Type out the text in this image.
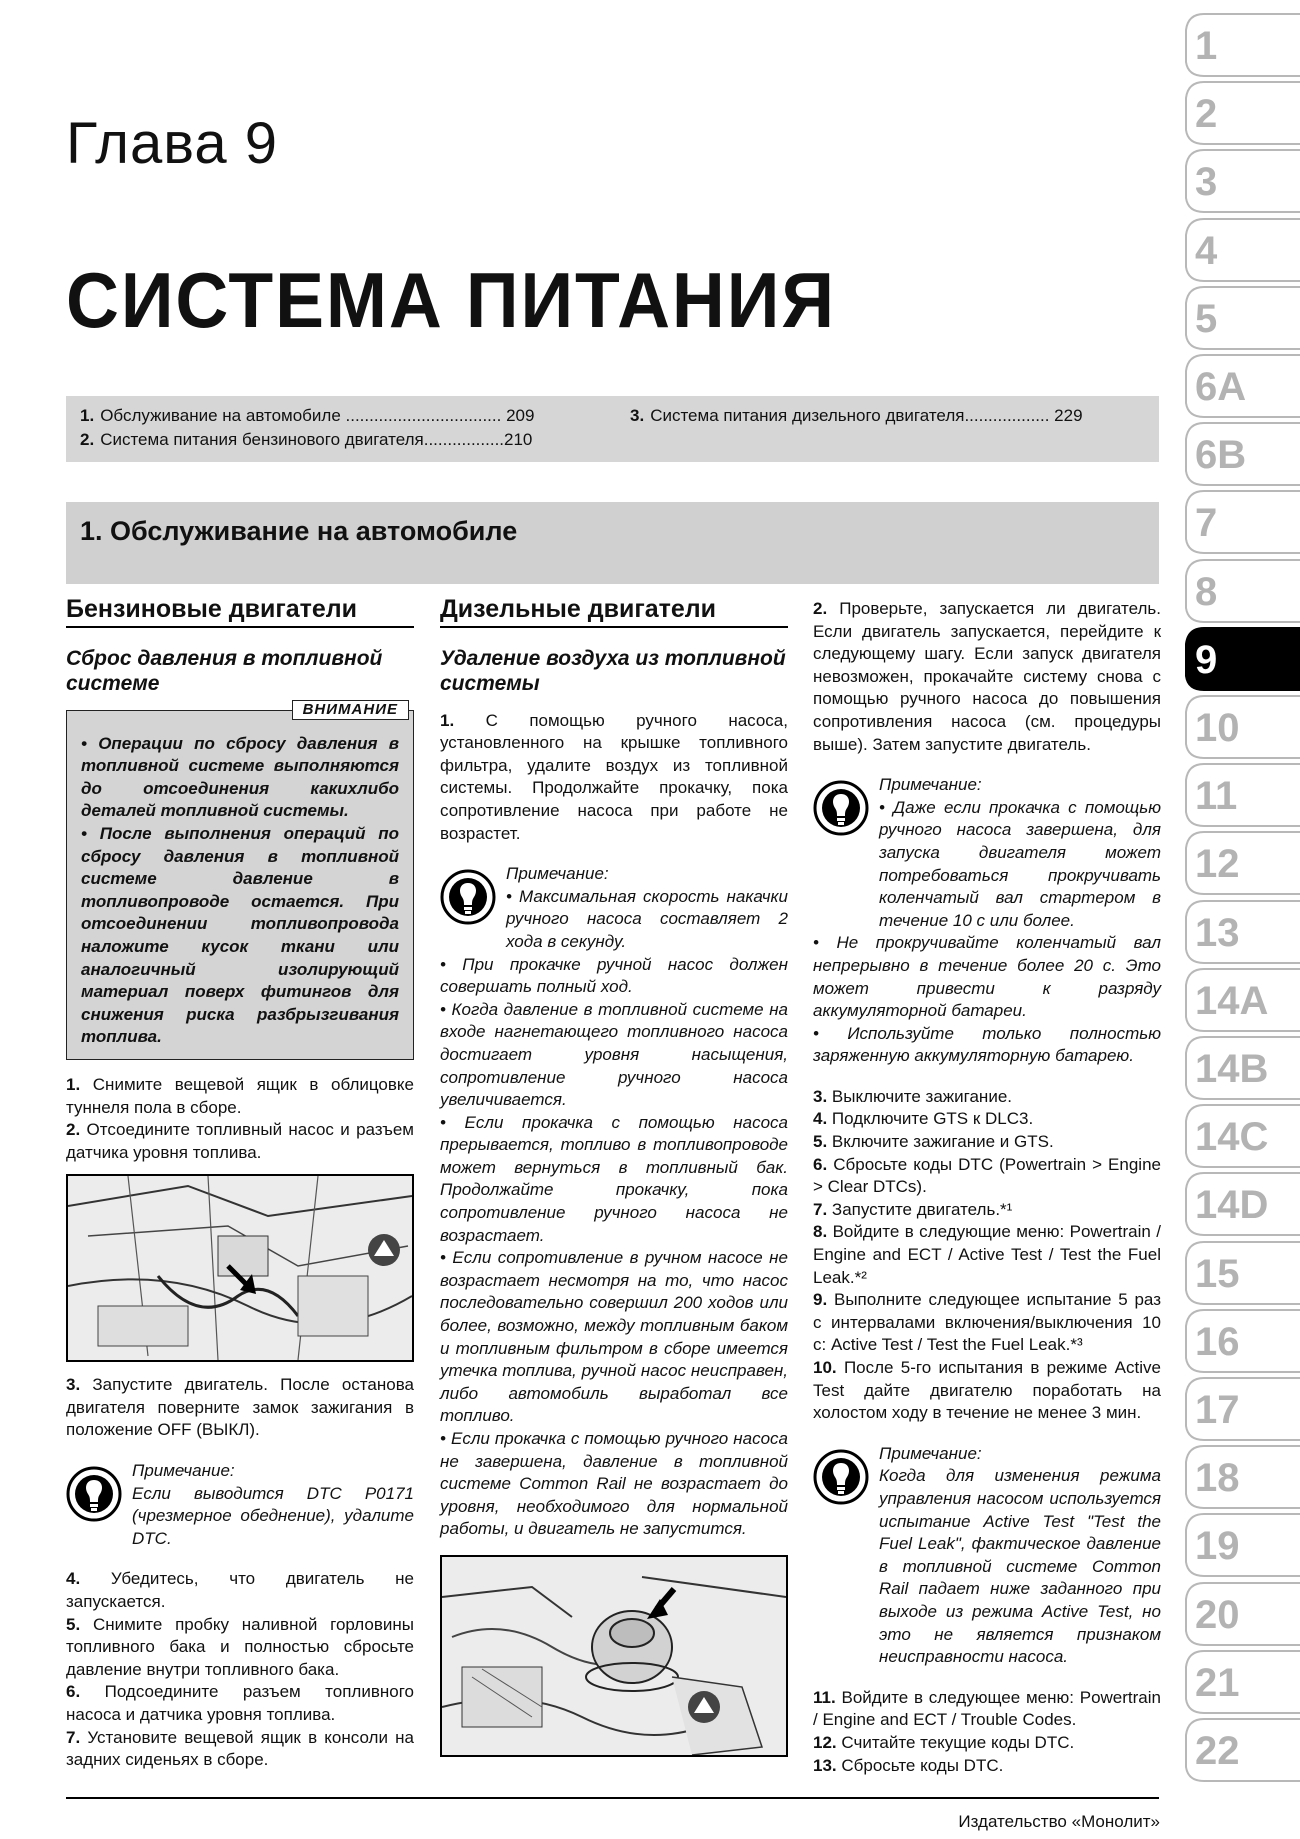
Глава 9
СИСТЕМА ПИТАНИЯ
1. Обслуживание на автомобиле ................................. 209
2. Система питания бензинового двигателя.................210
3. Система питания дизельного двигателя.................. 229
1. Обслуживание на автомобиле
Бензиновые двигатели
Сброс давления в топливной системе
ВНИМАНИЕ

• Операции по сбросу давления в топливной системе выполняются до отсоединения какихлибо деталей топливной системы.

• После выполнения операций по сбросу давления в топливной системе давление в топливопроводе остается. При отсоединении топливопровода наложите кусок ткани или аналогичный изолирующий материал поверх фитингов для снижения риска разбрызгивания топлива.

1. Снимите вещевой ящик в облицовке туннеля пола в сборе.

2. Отсоедините топливный насос и разъем датчика уровня топлива.

3. Запустите двигатель. После останова двигателя поверните замок зажигания в положение OFF (ВЫКЛ).

Примечание:

Если выводится DTC P0171 (чрезмерное обеднение), удалите DTC.

4. Убедитесь, что двигатель не запускается.

5. Снимите пробку наливной горловины топливного бака и полностью сбросьте давление внутри топливного бака.

6. Подсоедините разъем топливного насоса и датчика уровня топлива.

7. Установите вещевой ящик в консоли на задних сиденьях в сборе.

Дизельные двигатели
Удаление воздуха из топливной системы

1. С помощью ручного насоса, установленного на крышке топливного фильтра, удалите воздух из топливной системы. Продолжайте прокачку, пока сопротивление насоса при работе не возрастет.

Примечание:

• Максимальная скорость накачки ручного насоса составляет 2 хода в секунду.

• При прокачке ручной насос должен совершать полный ход.

• Когда давление в топливной системе на входе нагнетающего топливного насоса достигает уровня насыщения, сопротивление ручного насоса увеличивается.

• Если прокачка с помощью насоса прерывается, топливо в топливопроводе может вернуться в топливный бак. Продолжайте прокачку, пока сопротивление ручного насоса не возрастает.

• Если сопротивление в ручном насосе не возрастает несмотря на то, что насос последовательно совершил 200 ходов или более, возможно, между топливным баком и топливным фильтром в сборе имеется утечка топлива, ручной насос неисправен, либо автомобиль выработал все топливо.

• Если прокачка с помощью ручного насоса не завершена, давление в топливной системе Common Rail не возрастает до уровня, необходимого для нормальной работы, и двигатель не запустится.

2. Проверьте, запускается ли двигатель. Если двигатель запускается, перейдите к следующему шагу. Если запуск двигателя невозможен, прокачайте систему снова с помощью ручного насоса до повышения сопротивления насоса (см. процедуры выше). Затем запустите двигатель.

Примечание:

• Даже если прокачка с помощью ручного насоса завершена, для запуска двигателя может потребоваться прокручивать коленчатый вал стартером в течение 10 с или более.

• Не прокручивайте коленчатый вал непрерывно в течение более 20 с. Это может привести к разряду аккумуляторной батареи.

• Используйте только полностью заряженную аккумуляторную батарею.

3. Выключите зажигание.

4. Подключите GTS к DLC3.

5. Включите зажигание и GTS.

6. Сбросьте коды DTC (Powertrain > Engine > Clear DTCs).

7. Запустите двигатель.*¹

8. Войдите в следующие меню: Powertrain / Engine and ECT / Active Test / Test the Fuel Leak.*²

9. Выполните следующее испытание 5 раз с интервалами включения/выключения 10 с: Active Test / Test the Fuel Leak.*³

10. После 5-го испытания в режиме Active Test дайте двигателю поработать на холостом ходу в течение не менее 3 мин.

Примечание:

Когда для изменения режима управления насосом используется испытание Active Test "Test the Fuel Leak", фактическое давление в топливной системе Common Rail падает ниже заданного при выходе из режима Active Test, но это не является признаком неисправности насоса.

11. Войдите в следующее меню: Powertrain / Engine and ECT / Trouble Codes.

12. Считайте текущие коды DTC.

13. Сбросьте коды DTC.

1
2
3
4
5
6A
6B
7
8
9
10
11
12
13
14A
14B
14C
14D
15
16
17
18
19
20
21
22
Издательство «Монолит»
